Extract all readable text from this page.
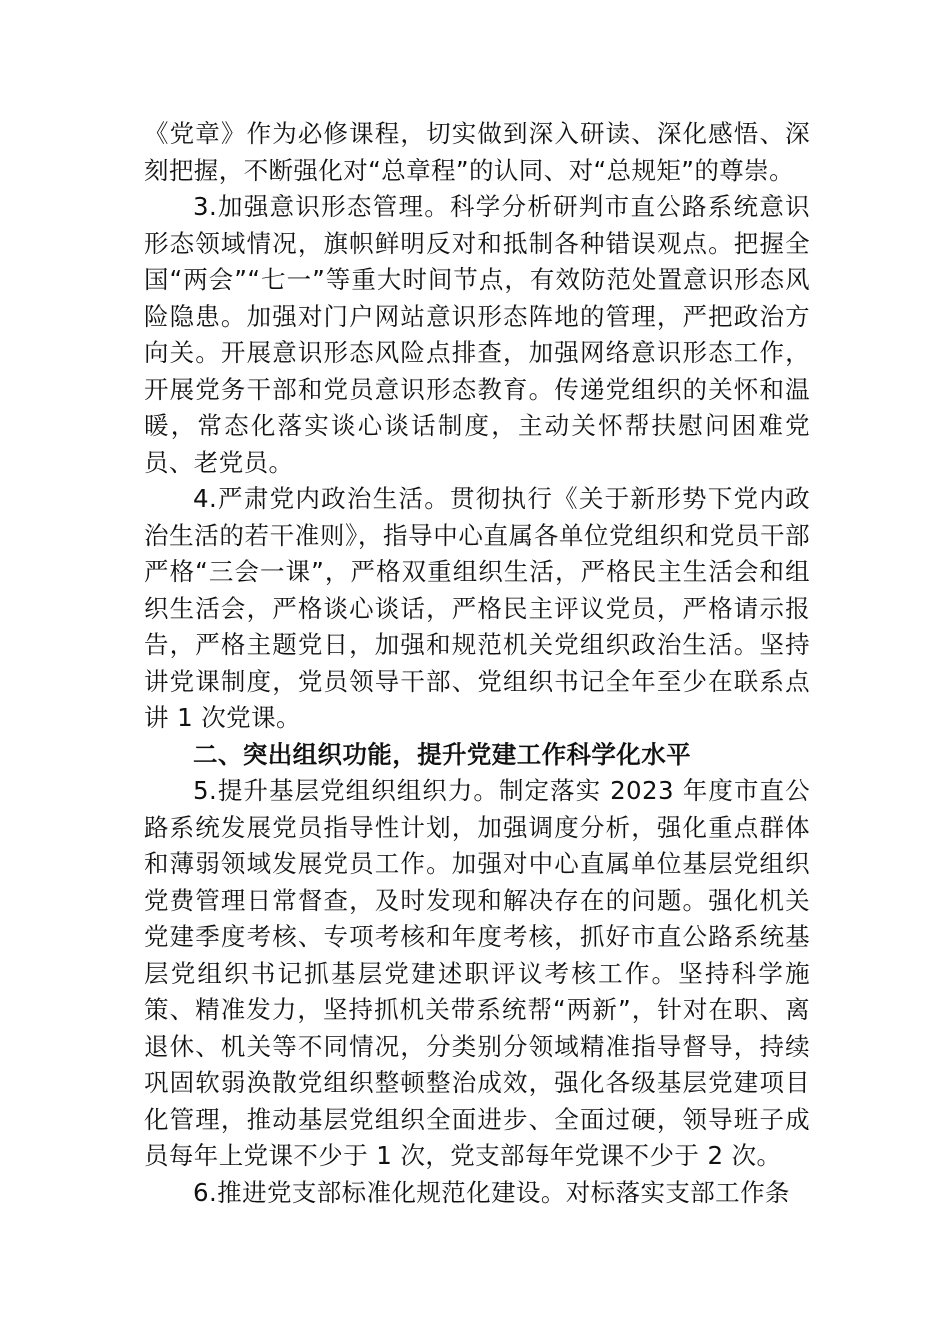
《党章》作为必修课程，切实做到深入研读、深化感悟、深刻把握，不断强化对“总章程”的认同、对“总规矩”的尊崇。

3.加强意识形态管理。科学分析研判市直公路系统意识形态领域情况，旗帜鲜明反对和抵制各种错误观点。把握全国“两会”“七一”等重大时间节点，有效防范处置意识形态风险隐患。加强对门户网站意识形态阵地的管理，严把政治方向关。开展意识形态风险点排查，加强网络意识形态工作，开展党务干部和党员意识形态教育。传递党组织的关怀和温暖，常态化落实谈心谈话制度，主动关怀帮扶慰问困难党员、老党员。

4.严肃党内政治生活。贯彻执行《关于新形势下党内政治生活的若干准则》，指导中心直属各单位党组织和党员干部严格“三会一课”，严格双重组织生活，严格民主生活会和组织生活会，严格谈心谈话，严格民主评议党员，严格请示报告，严格主题党日，加强和规范机关党组织政治生活。坚持讲党课制度，党员领导干部、党组织书记全年至少在联系点讲 1 次党课。

二、突出组织功能，提升党建工作科学化水平

5.提升基层党组织组织力。制定落实 2023 年度市直公路系统发展党员指导性计划，加强调度分析，强化重点群体和薄弱领域发展党员工作。加强对中心直属单位基层党组织党费管理日常督查，及时发现和解决存在的问题。强化机关党建季度考核、专项考核和年度考核，抓好市直公路系统基层党组织书记抓基层党建述职评议考核工作。坚持科学施策、精准发力，坚持抓机关带系统帮“两新”，针对在职、离退休、机关等不同情况，分类别分领域精准指导督导，持续巩固软弱涣散党组织整顿整治成效，强化各级基层党建项目化管理，推动基层党组织全面进步、全面过硬，领导班子成员每年上党课不少于 1 次，党支部每年党课不少于 2 次。

6.推进党支部标准化规范化建设。对标落实支部工作条
